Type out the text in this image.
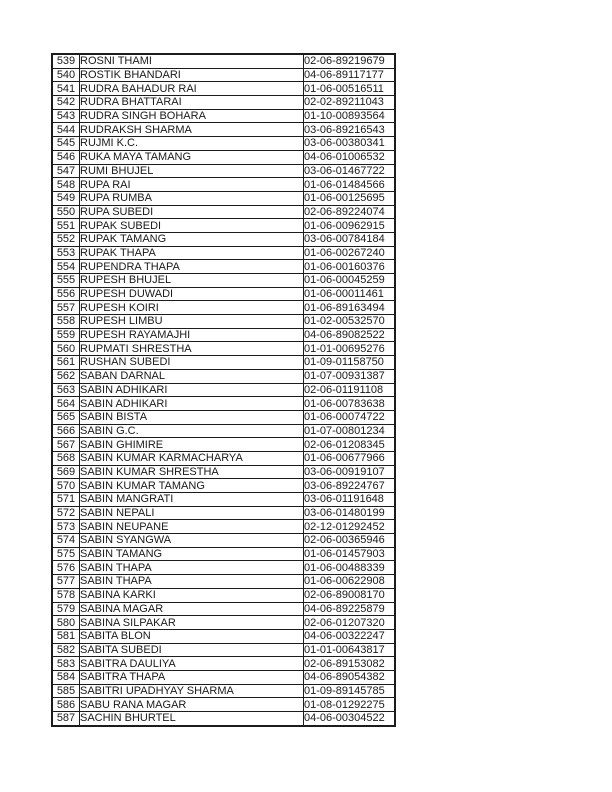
539	ROSNI THAMI	02-06-89219679
540	ROSTIK BHANDARI	04-06-89117177
541	RUDRA BAHADUR RAI	01-06-00516511
542	RUDRA BHATTARAI	02-02-89211043
543	RUDRA SINGH BOHARA	01-10-00893564
544	RUDRAKSH SHARMA	03-06-89216543
545	RUJMI K.C.	03-06-00380341
546	RUKA MAYA TAMANG	04-06-01006532
547	RUMI BHUJEL	03-06-01467722
548	RUPA RAI	01-06-01484566
549	RUPA RUMBA	01-06-00125695
550	RUPA SUBEDI	02-06-89224074
551	RUPAK SUBEDI	01-06-00962915
552	RUPAK TAMANG	03-06-00784184
553	RUPAK THAPA	01-06-00267240
554	RUPENDRA THAPA	01-06-00160376
555	RUPESH BHUJEL	01-06-00045259
556	RUPESH DUWADI	01-06-00011461
557	RUPESH KOIRI	01-06-89163494
558	RUPESH LIMBU	01-02-00532570
559	RUPESH RAYAMAJHI	04-06-89082522
560	RUPMATI SHRESTHA	01-01-00695276
561	RUSHAN SUBEDI	01-09-01158750
562	SABAN DARNAL	01-07-00931387
563	SABIN ADHIKARI	02-06-01191108
564	SABIN ADHIKARI	01-06-00783638
565	SABIN BISTA	01-06-00074722
566	SABIN G.C.	01-07-00801234
567	SABIN GHIMIRE	02-06-01208345
568	SABIN KUMAR KARMACHARYA	01-06-00677966
569	SABIN KUMAR SHRESTHA	03-06-00919107
570	SABIN KUMAR TAMANG	03-06-89224767
571	SABIN MANGRATI	03-06-01191648
572	SABIN NEPALI	03-06-01480199
573	SABIN NEUPANE	02-12-01292452
574	SABIN SYANGWA	02-06-00365946
575	SABIN TAMANG	01-06-01457903
576	SABIN THAPA	01-06-00488339
577	SABIN THAPA	01-06-00622908
578	SABINA KARKI	02-06-89008170
579	SABINA MAGAR	04-06-89225879
580	SABINA SILPAKAR	02-06-01207320
581	SABITA BLON	04-06-00322247
582	SABITA SUBEDI	01-01-00643817
583	SABITRA DAULIYA	02-06-89153082
584	SABITRA THAPA	04-06-89054382
585	SABITRI UPADHYAY SHARMA	01-09-89145785
586	SABU RANA MAGAR	01-08-01292275
587	SACHIN BHURTEL	04-06-00304522
